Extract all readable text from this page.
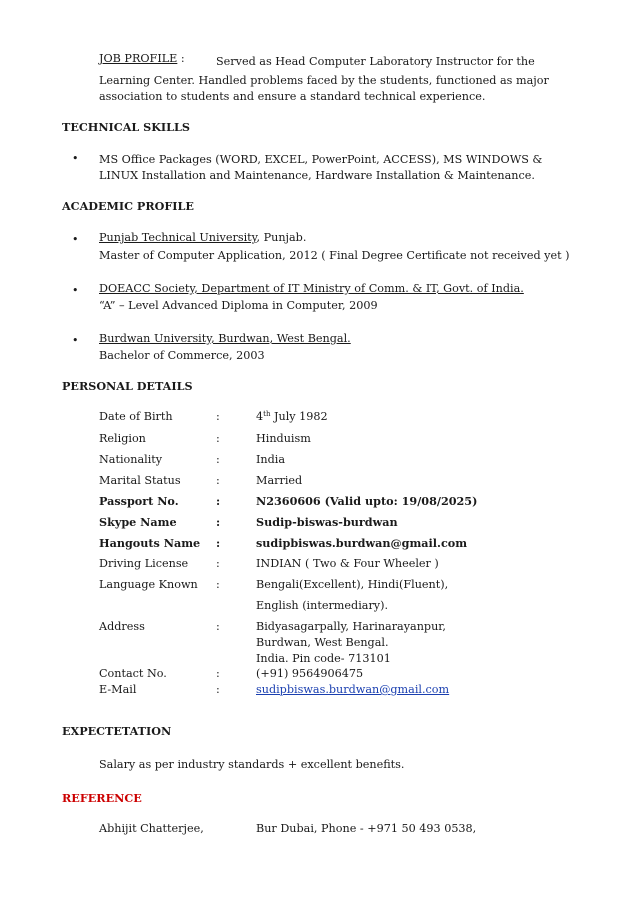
JOB PROFILE :	Served as Head Computer Laboratory Instructor for the
Learning Center. Handled problems faced by the students, functioned as major
association to students and ensure a standard technical experience.
TECHNICAL SKILLS
• MS Office Packages (WORD, EXCEL, PowerPoint, ACCESS), MS WINDOWS &
LINUX Installation and Maintenance, Hardware Installation & Maintenance.
ACADEMIC PROFILE
• Punjab Technical University, Punjab.
Master of Computer Application, 2012 ( Final Degree Certificate not received yet )
• DOEACC Society, Department of IT Ministry of Comm. & IT, Govt. of India.
“A” – Level Advanced Diploma in Computer, 2009
• Burdwan University, Burdwan, West Bengal.
Bachelor of Commerce, 2003
PERSONAL DETAILS
Date of Birth	:	4th July 1982
Religion	:	Hinduism
Nationality	:	India
Marital Status	:	Married
Passport No.	:	N2360606 (Valid upto: 19/08/2025)
Skype Name	:	Sudip-biswas-burdwan
Hangouts Name :	sudipbiswas.burdwan@gmail.com
Driving License :	INDIAN ( Two & Four Wheeler )
Language Known :	Bengali(Excellent), Hindi(Fluent),
English (intermediary).
Address	:	Bidyasagarpally, Harinarayanpur,
Burdwan, West Bengal.
India. Pin code- 713101
Contact No.	:	(+91) 9564906475
E-Mail	:	sudipbiswas.burdwan@gmail.com
EXPECTETATION
Salary as per industry standards + excellent benefits.
REFERENCE
Abhijit Chatterjee,	Bur Dubai, Phone - +971 50 493 0538,
